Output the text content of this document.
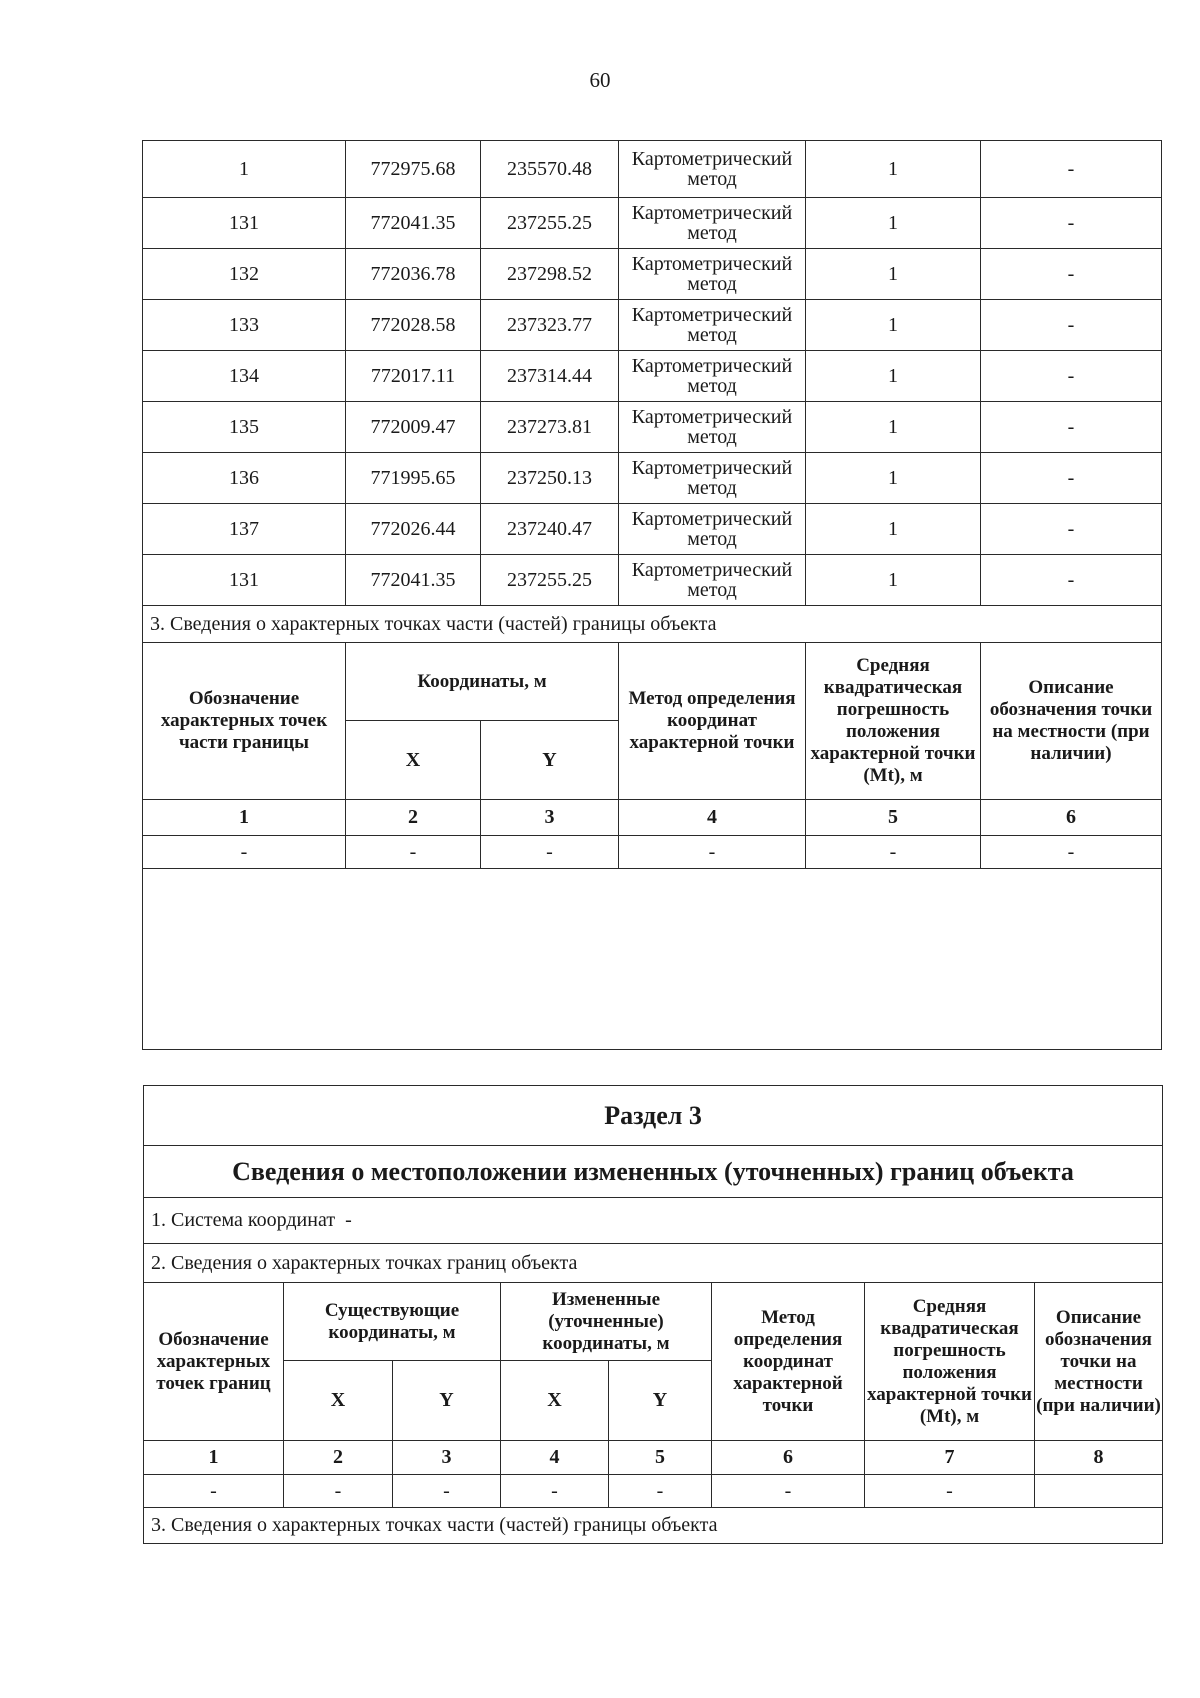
60
1	772975.68	235570.48	Картометрический метод	1	-
131	772041.35	237255.25	Картометрический метод	1	-
132	772036.78	237298.52	Картометрический метод	1	-
133	772028.58	237323.77	Картометрический метод	1	-
134	772017.11	237314.44	Картометрический метод	1	-
135	772009.47	237273.81	Картометрический метод	1	-
136	771995.65	237250.13	Картометрический метод	1	-
137	772026.44	237240.47	Картометрический метод	1	-
131	772041.35	237255.25	Картометрический метод	1	-
3. Сведения о характерных точках части (частей) границы объекта					
Обозначение характерных точек части границы	Координаты, м		Метод определения координат характерной точки	Средняя квадратическая погрешность положения характерной точки (Mt), м	Описание обозначения точки на местности (при наличии)
	X	Y			
1	2	3	4	5	6
-	-	-	-	-	-

Раздел 3							
Сведения о местоположении измененных (уточненных) границ объекта							
1. Система координат -							
2. Сведения о характерных точках границ объекта							
Обозначение характерных точек границ	Существующие координаты, м		Измененные (уточненные) координаты, м		Метод определения координат характерной точки	Средняя квадратическая погрешность положения характерной точки (Mt), м	Описание обозначения точки на местности (при наличии)
	X	Y	X	Y			
1	2	3	4	5	6	7	8
-	-	-	-	-	-	-	
3. Сведения о характерных точках части (частей) границы объекта							
